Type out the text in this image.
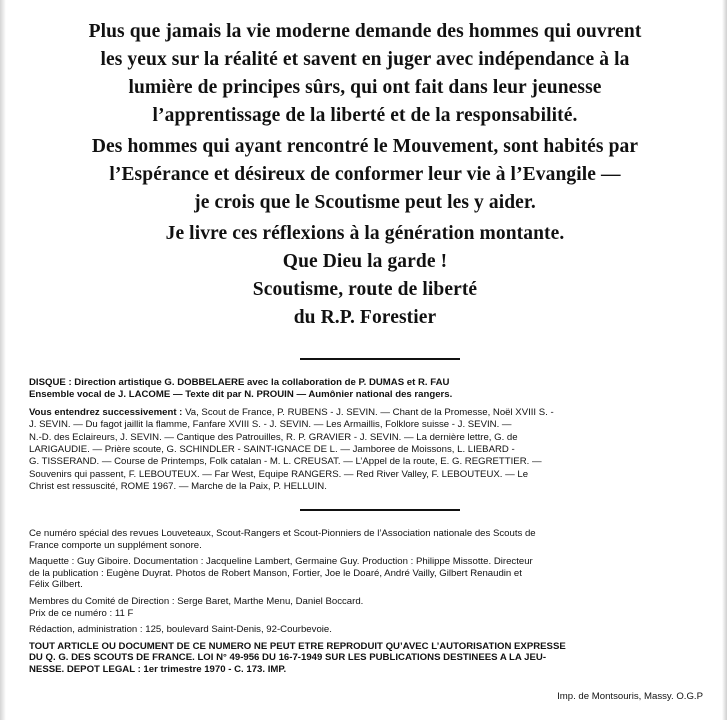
Plus que jamais la vie moderne demande des hommes qui ouvrent
les yeux sur la réalité et savent en juger avec indépendance à la
lumière de principes sûrs, qui ont fait dans leur jeunesse
l’apprentissage de la liberté et de la responsabilité.
Des hommes qui ayant rencontré le Mouvement, sont habités par
l’Espérance et désireux de conformer leur vie à l’Evangile —
je crois que le Scoutisme peut les y aider.
Je livre ces réflexions à la génération montante.
Que Dieu la garde !
Scoutisme, route de liberté
du R.P. Forestier
DISQUE : Direction artistique G. DOBBELAERE avec la collaboration de P. DUMAS et R. FAU
Ensemble vocal de J. LACOME — Texte dit par N. PROUIN — Aumônier national des rangers.
Vous entendrez successivement : Va, Scout de France, P. RUBENS - J. SEVIN. — Chant de la Promesse, Noël XVIII S. -
J. SEVIN. — Du fagot jaillit la flamme, Fanfare XVIII S. - J. SEVIN. — Les Armaillis, Folklore suisse - J. SEVIN. —
N.-D. des Eclaireurs, J. SEVIN. — Cantique des Patrouilles, R. P. GRAVIER - J. SEVIN. — La dernière lettre, G. de
LARIGAUDIE. — Prière scoute, G. SCHINDLER - SAINT-IGNACE DE L. — Jamboree de Moissons, L. LIEBARD -
G. TISSERAND. — Course de Printemps, Folk catalan - M. L. CREUSAT. — L’Appel de la route, E. G. REGRETTIER. —
Souvenirs qui passent, F. LEBOUTEUX. — Far West, Equipe RANGERS. — Red River Valley, F. LEBOUTEUX. — Le
Christ est ressuscité, ROME 1967. — Marche de la Paix, P. HELLUIN.
Ce numéro spécial des revues Louveteaux, Scout-Rangers et Scout-Pionniers de l’Association nationale des Scouts de
France comporte un supplément sonore.
Maquette : Guy Giboire. Documentation : Jacqueline Lambert, Germaine Guy. Production : Philippe Missotte. Directeur
de la publication : Eugène Duyrat. Photos de Robert Manson, Fortier, Joe le Doaré, André Vailly, Gilbert Renaudin et
Félix Gilbert.
Membres du Comité de Direction : Serge Baret, Marthe Menu, Daniel Boccard.
Prix de ce numéro : 11 F
Rédaction, administration : 125, boulevard Saint-Denis, 92-Courbevoie.
TOUT ARTICLE OU DOCUMENT DE CE NUMERO NE PEUT ETRE REPRODUIT QU’AVEC L’AUTORISATION EXPRESSE
DU Q. G. DES SCOUTS DE FRANCE. LOI N° 49-956 DU 16-7-1949 SUR LES PUBLICATIONS DESTINEES A LA JEU-
NESSE. DEPOT LEGAL : 1er trimestre 1970 - C. 173. IMP.
Imp. de Montsouris, Massy. O.G.P
